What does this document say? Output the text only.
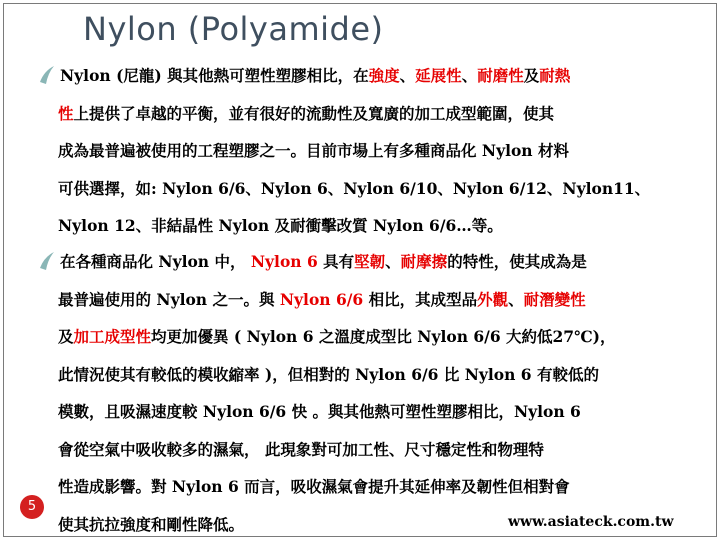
Nylon (Polyamide)
Nylon (尼龍) 與其他熱可塑性塑膠相比，在強度、延展性、耐磨性及耐熱
性上提供了卓越的平衡，並有很好的流動性及寬廣的加工成型範圍，使其
成為最普遍被使用的工程塑膠之一。目前市場上有多種商品化 Nylon 材料
可供選擇，如: Nylon 6/6、Nylon 6、Nylon 6/10、Nylon 6/12、Nylon11、
Nylon 12、非結晶性 Nylon 及耐衝擊改質 Nylon 6/6…等。
在各種商品化 Nylon 中， Nylon 6 具有堅韌、耐摩擦的特性，使其成為是
最普遍使用的 Nylon 之一。與 Nylon 6/6 相比，其成型品外觀、耐潛變性
及加工成型性均更加優異 ( Nylon 6 之溫度成型比 Nylon 6/6 大約低27℃)，
此情況使其有較低的模收縮率 )，但相對的 Nylon 6/6 比 Nylon 6 有較低的
模數，且吸濕速度較 Nylon 6/6 快 。與其他熱可塑性塑膠相比，Nylon 6
會從空氣中吸收較多的濕氣， 此現象對可加工性、尺寸穩定性和物理特
性造成影響。對 Nylon 6 而言，吸收濕氣會提升其延伸率及韌性但相對會
使其抗拉強度和剛性降低。
5
www.asiateck.com.tw
